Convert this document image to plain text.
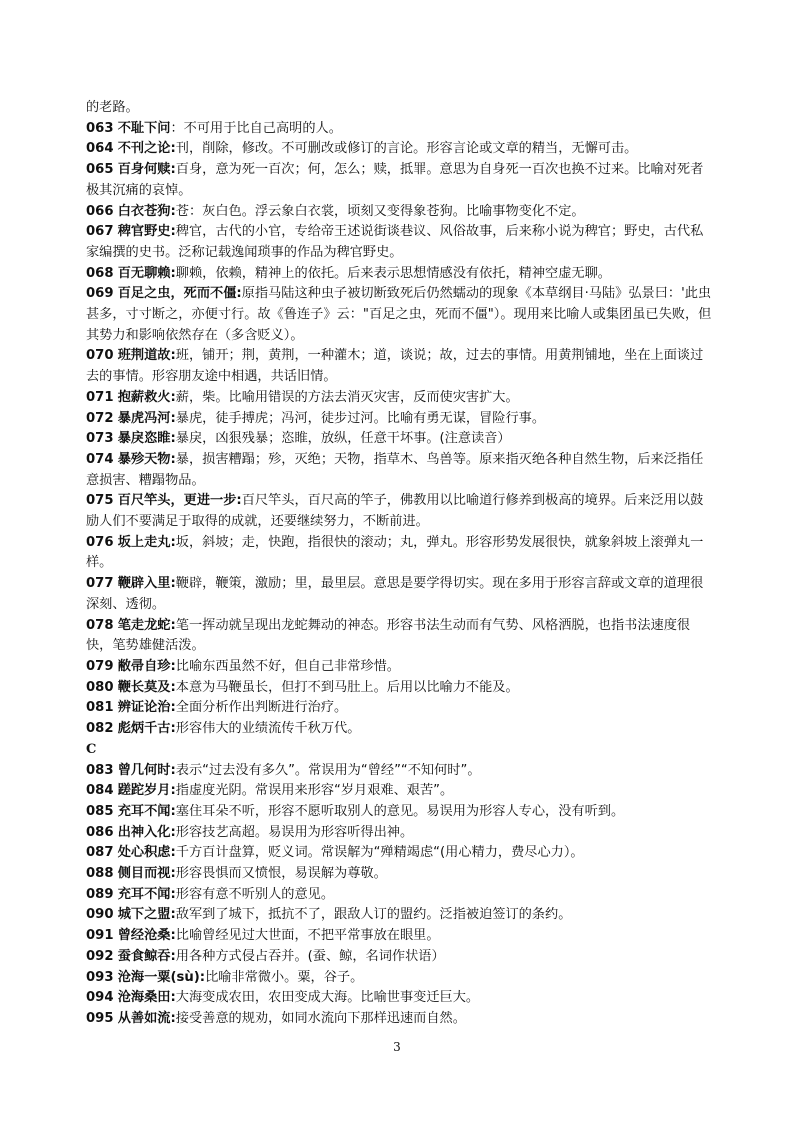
的老路。

063 不耻下问：不可用于比自己高明的人。

064 不刊之论:刊，削除，修改。不可删改或修订的言论。形容言论或文章的精当，无懈可击。

065 百身何赎:百身，意为死一百次；何，怎么；赎，抵罪。意思为自身死一百次也换不过来。比喻对死者极其沉痛的哀悼。

066 白衣苍狗:苍：灰白色。浮云象白衣裳，顷刻又变得象苍狗。比喻事物变化不定。

067 稗官野史:稗官，古代的小官，专给帝王述说街谈巷议、风俗故事，后来称小说为稗官；野史，古代私家编撰的史书。泛称记载逸闻琐事的作品为稗官野史。

068 百无聊赖:聊赖，依赖，精神上的依托。后来表示思想情感没有依托，精神空虚无聊。

069 百足之虫，死而不僵:原指马陆这种虫子被切断致死后仍然蠕动的现象《本草纲目·马陆》弘景曰：'此虫甚多，寸寸断之，亦便寸行。故《鲁连子》云："百足之虫，死而不僵"）。现用来比喻人或集团虽已失败，但其势力和影响依然存在（多含贬义）。

070 班荆道故:班，铺开；荆，黄荆，一种灌木；道，谈说；故，过去的事情。用黄荆铺地，坐在上面谈过去的事情。形容朋友途中相遇，共话旧情。

071 抱薪救火:薪，柴。比喻用错误的方法去消灭灾害，反而使灾害扩大。

072 暴虎冯河:暴虎，徒手搏虎；冯河，徒步过河。比喻有勇无谋，冒险行事。

073 暴戾恣睢:暴戾，凶狠残暴；恣睢，放纵，任意干坏事。(注意读音）

074 暴殄天物:暴，损害糟蹋；殄，灭绝；天物，指草木、鸟兽等。原来指灭绝各种自然生物，后来泛指任意损害、糟蹋物品。

075 百尺竿头，更进一步:百尺竿头，百尺高的竿子，佛教用以比喻道行修养到极高的境界。后来泛用以鼓励人们不要满足于取得的成就，还要继续努力，不断前进。

076 坂上走丸:坂，斜坡；走，快跑，指很快的滚动；丸，弹丸。形容形势发展很快，就象斜坡上滚弹丸一样。

077 鞭辟入里:鞭辟，鞭策，激励；里，最里层。意思是要学得切实。现在多用于形容言辞或文章的道理很深刻、透彻。

078 笔走龙蛇:笔一挥动就呈现出龙蛇舞动的神态。形容书法生动而有气势、风格洒脱，也指书法速度很快，笔势雄健活泼。

079 敝帚自珍:比喻东西虽然不好，但自己非常珍惜。

080 鞭长莫及:本意为马鞭虽长，但打不到马肚上。后用以比喻力不能及。

081 辨证论治:全面分析作出判断进行治疗。

082 彪炳千古:形容伟大的业绩流传千秋万代。

C

083 曾几何时:表示“过去没有多久”。常误用为“曾经”“不知何时”。

084 蹉跎岁月:指虚度光阴。常误用来形容“岁月艰难、艰苦”。

085 充耳不闻:塞住耳朵不听，形容不愿听取别人的意见。易误用为形容人专心，没有听到。

086 出神入化:形容技艺高超。易误用为形容听得出神。

087 处心积虑:千方百计盘算，贬义词。常误解为“殚精竭虑“(用心精力，费尽心力）。

088 侧目而视:形容畏惧而又愤恨，易误解为尊敬。

089 充耳不闻:形容有意不听别人的意见。

090 城下之盟:敌军到了城下，抵抗不了，跟敌人订的盟约。泛指被迫签订的条约。

091 曾经沧桑:比喻曾经见过大世面，不把平常事放在眼里。

092 蚕食鲸吞:用各种方式侵占吞并。(蚕、鲸，名词作状语）

093 沧海一粟(sù):比喻非常微小。粟，谷子。

094 沧海桑田:大海变成农田，农田变成大海。比喻世事变迁巨大。

095 从善如流:接受善意的规劝，如同水流向下那样迅速而自然。

3
